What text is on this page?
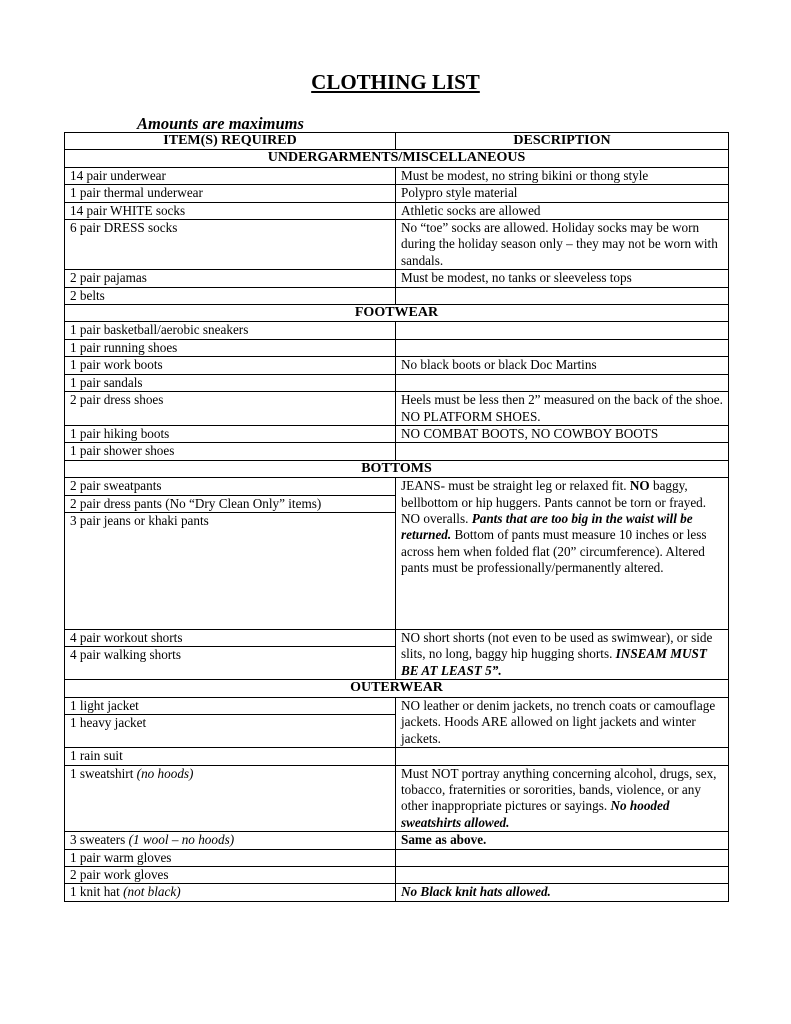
CLOTHING LIST
Amounts are maximums
ITEM(S) REQUIRED	DESCRIPTION
UNDERGARMENTS/MISCELLANEOUS	
14 pair underwear	Must be modest, no string bikini or thong style
1 pair thermal underwear	Polypro style material
14 pair WHITE socks	Athletic socks are allowed
6 pair DRESS socks	No “toe” socks are allowed. Holiday socks may be worn during the holiday season only – they may not be worn with sandals.
2 pair pajamas	Must be modest, no tanks or sleeveless tops
2 belts	
FOOTWEAR	
1 pair basketball/aerobic sneakers	
1 pair running shoes	
1 pair work boots	No black boots or black Doc Martins
1 pair sandals	
2 pair dress shoes	Heels must be less then 2” measured on the back of the shoe. NO PLATFORM SHOES.
1 pair hiking boots	NO COMBAT BOOTS, NO COWBOY BOOTS
1 pair shower shoes	
BOTTOMS	
2 pair sweatpants	JEANS- must be straight leg or relaxed fit. NO baggy, bellbottom or hip huggers. Pants cannot be torn or frayed. NO overalls. Pants that are too big in the waist will be returned. Bottom of pants must measure 10 inches or less across hem when folded flat (20” circumference). Altered pants must be professionally/permanently altered.
2 pair dress pants (No “Dry Clean Only” items)	
3 pair jeans or khaki pants	
4 pair workout shorts	NO short shorts (not even to be used as swimwear), or side slits, no long, baggy hip hugging shorts. INSEAM MUST BE AT LEAST 5”.
4 pair walking shorts	
OUTERWEAR	
1 light jacket	NO leather or denim jackets, no trench coats or camouflage jackets. Hoods ARE allowed on light jackets and winter jackets.
1 heavy jacket	
1 rain suit	
1 sweatshirt (no hoods)	Must NOT portray anything concerning alcohol, drugs, sex, tobacco, fraternities or sororities, bands, violence, or any other inappropriate pictures or sayings. No hooded sweatshirts allowed.
3 sweaters (1 wool – no hoods)	Same as above.
1 pair warm gloves	
2 pair work gloves	
1 knit hat (not black)	No Black knit hats allowed.
